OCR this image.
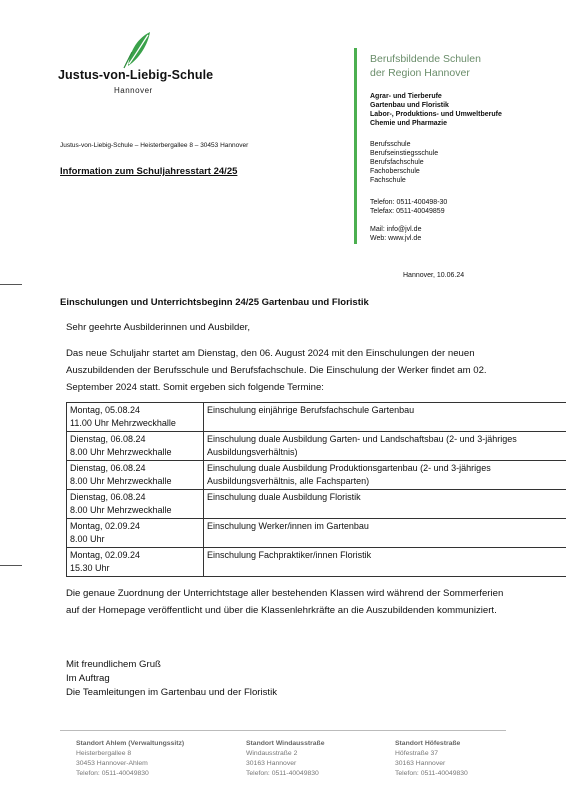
Justus-von-Liebig-Schule
Hannover
Berufsbildende Schulen
der Region Hannover
Agrar- und Tierberufe
Gartenbau und Floristik
Labor-, Produktions- und Umweltberufe
Chemie und Pharmazie
Berufsschule
Berufseinstiegsschule
Berufsfachschule
Fachoberschule
Fachschule
Telefon: 0511-400498-30
Telefax: 0511-40049859
Mail: info@jvl.de
Web: www.jvl.de
Justus-von-Liebig-Schule – Heisterbergallee 8 – 30453 Hannover
Information zum Schuljahresstart 24/25
Hannover, 10.06.24
Einschulungen und Unterrichtsbeginn 24/25 Gartenbau und Floristik
Sehr geehrte Ausbilderinnen und Ausbilder,
Das neue Schuljahr startet am Dienstag, den 06. August 2024 mit den Einschulungen der neuen Auszubildenden der Berufsschule und Berufsfachschule. Die Einschulung der Werker findet am 02. September 2024 statt. Somit ergeben sich folgende Termine:
Montag, 05.08.24
11.00 Uhr Mehrzweckhalle	Einschulung einjährige Berufsfachschule Gartenbau

Dienstag, 06.08.24
8.00 Uhr Mehrzweckhalle	Einschulung duale Ausbildung Garten- und Landschaftsbau (2- und 3-jähriges Ausbildungsverhältnis)

Dienstag, 06.08.24
8.00 Uhr Mehrzweckhalle	Einschulung duale Ausbildung Produktionsgartenbau (2- und 3-jähriges Ausbildungsverhältnis, alle Fachsparten)

Dienstag, 06.08.24
8.00 Uhr Mehrzweckhalle	Einschulung duale Ausbildung Floristik

Montag, 02.09.24
8.00 Uhr	Einschulung Werker/innen im Gartenbau

Montag, 02.09.24
15.30 Uhr	Einschulung Fachpraktiker/innen Floristik
Die genaue Zuordnung der Unterrichtstage aller bestehenden Klassen wird während der Sommerferien auf der Homepage veröffentlicht und über die Klassenlehrkräfte an die Auszubildenden kommuniziert.
Mit freundlichem Gruß
Im Auftrag
Die Teamleitungen im Gartenbau und der Floristik
Standort Ahlem (Verwaltungssitz)
Heisterbergallee 8
30453 Hannover-Ahlem
Telefon: 0511-40049830
Standort Windausstraße
Windausstraße 2
30163 Hannover
Telefon: 0511-40049830
Standort Höfestraße
Höfestraße 37
30163 Hannover
Telefon: 0511-40049830
